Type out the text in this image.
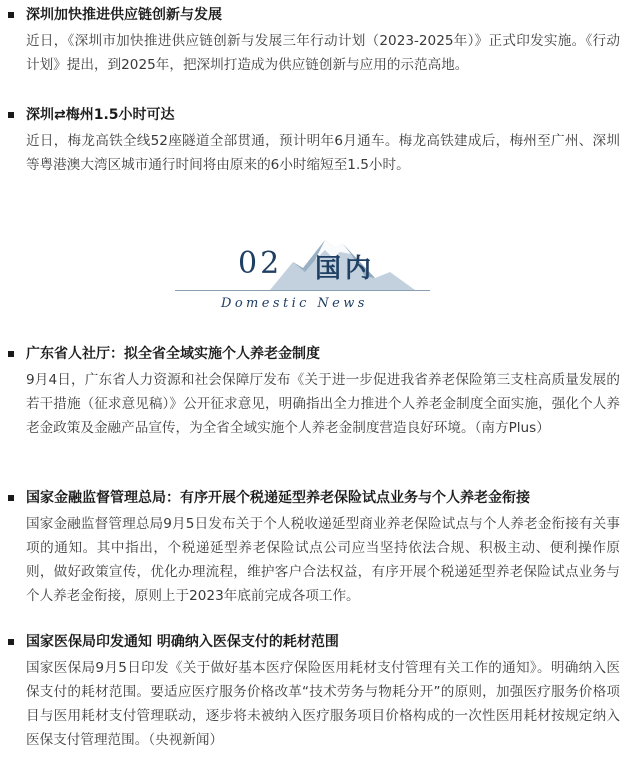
深圳加快推进供应链创新与发展
近日，《深圳市加快推进供应链创新与发展三年行动计划（2023-2025年）》正式印发实施。《行动计划》提出，到2025年，把深圳打造成为供应链创新与应用的示范高地。
深圳⇄梅州1.5小时可达
近日，梅龙高铁全线52座隧道全部贯通，预计明年6月通车。梅龙高铁建成后，梅州至广州、深圳等粤港澳大湾区城市通行时间将由原来的6小时缩短至1.5小时。
02 国内
Domestic News
广东省人社厅：拟全省全域实施个人养老金制度
9月4日，广东省人力资源和社会保障厅发布《关于进一步促进我省养老保险第三支柱高质量发展的若干措施（征求意见稿）》公开征求意见，明确指出全力推进个人养老金制度全面实施，强化个人养老金政策及金融产品宣传，为全省全域实施个人养老金制度营造良好环境。（南方Plus）
国家金融监督管理总局：有序开展个税递延型养老保险试点业务与个人养老金衔接
国家金融监督管理总局9月5日发布关于个人税收递延型商业养老保险试点与个人养老金衔接有关事项的通知。其中指出，个税递延型养老保险试点公司应当坚持依法合规、积极主动、便利操作原则，做好政策宣传，优化办理流程，维护客户合法权益，有序开展个税递延型养老保险试点业务与个人养老金衔接，原则上于2023年底前完成各项工作。
国家医保局印发通知 明确纳入医保支付的耗材范围
国家医保局9月5日印发《关于做好基本医疗保险医用耗材支付管理有关工作的通知》。明确纳入医保支付的耗材范围。要适应医疗服务价格改革“技术劳务与物耗分开”的原则，加强医疗服务价格项目与医用耗材支付管理联动，逐步将未被纳入医疗服务项目价格构成的一次性医用耗材按规定纳入医保支付管理范围。（央视新闻）
